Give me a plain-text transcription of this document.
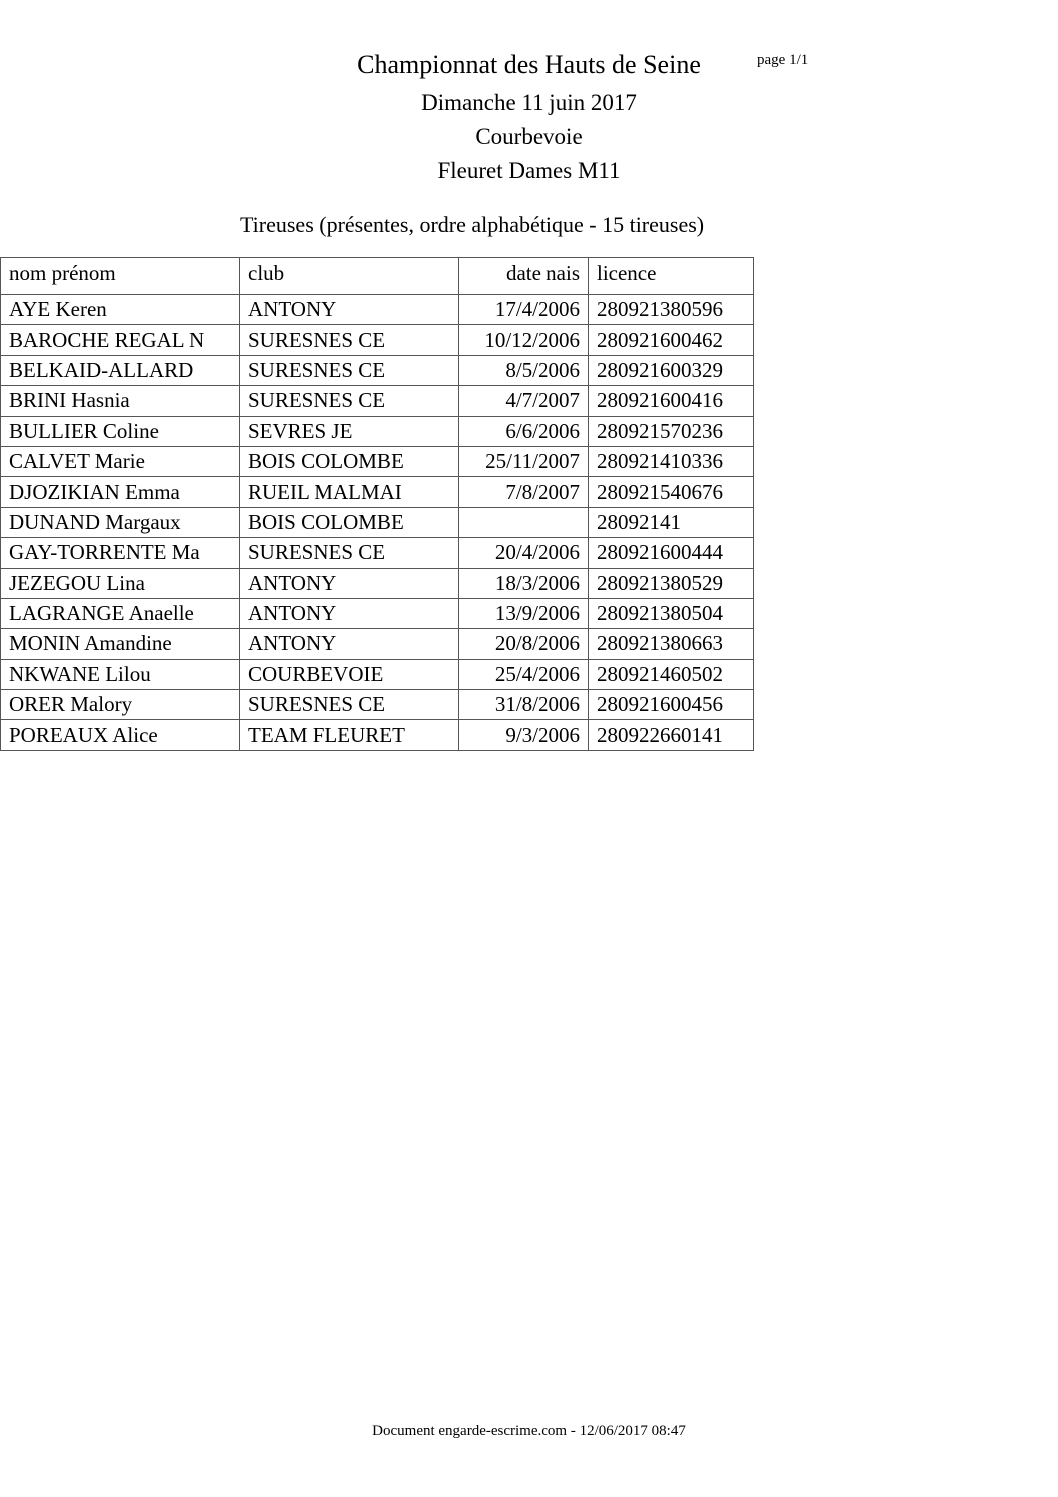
Championnat des Hauts de Seine	page 1/1
Dimanche 11 juin 2017
Courbevoie
Fleuret Dames M11
Tireuses (présentes, ordre alphabétique - 15 tireuses)
nom prénom	club	date nais	licence
AYE Keren	ANTONY	17/4/2006	280921380596
BAROCHE REGAL N	SURESNES CE	10/12/2006	280921600462
BELKAID-ALLARD	SURESNES CE	8/5/2006	280921600329
BRINI Hasnia	SURESNES CE	4/7/2007	280921600416
BULLIER Coline	SEVRES JE	6/6/2006	280921570236
CALVET Marie	BOIS COLOMBE	25/11/2007	280921410336
DJOZIKIAN Emma	RUEIL MALMAI	7/8/2007	280921540676
DUNAND Margaux	BOIS COLOMBE		28092141
GAY-TORRENTE Ma	SURESNES CE	20/4/2006	280921600444
JEZEGOU Lina	ANTONY	18/3/2006	280921380529
LAGRANGE Anaelle	ANTONY	13/9/2006	280921380504
MONIN Amandine	ANTONY	20/8/2006	280921380663
NKWANE Lilou	COURBEVOIE	25/4/2006	280921460502
ORER Malory	SURESNES CE	31/8/2006	280921600456
POREAUX Alice	TEAM FLEURET	9/3/2006	280922660141
Document engarde-escrime.com - 12/06/2017 08:47
